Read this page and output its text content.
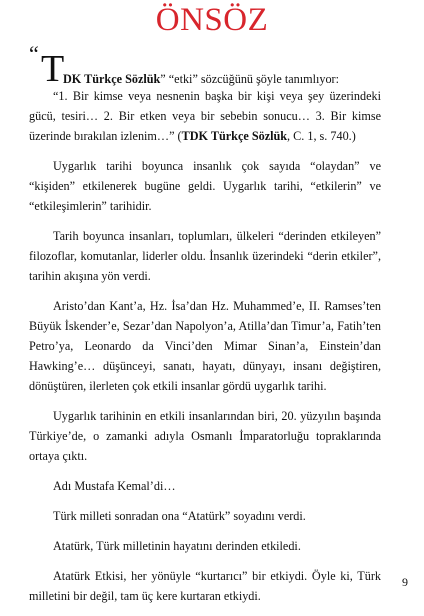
ÖNSÖZ
“ T
DK Türkçe Sözlük” “etki” sözcüğünü şöyle tanımlıyor:

“1. Bir kimse veya nesnenin başka bir kişi veya şey üzerindeki gücü, tesiri… 2. Bir etken veya bir sebebin sonucu… 3. Bir kimse üzerinde bırakılan izlenim…” (TDK Türkçe Sözlük, C. 1, s. 740.)

Uygarlık tarihi boyunca insanlık çok sayıda “olaydan” ve “kişiden” etkilenerek bugüne geldi. Uygarlık tarihi, “etkilerin” ve “etkileşimlerin” tarihidir.

Tarih boyunca insanları, toplumları, ülkeleri “derinden etkileyen” filozoflar, komutanlar, liderler oldu. İnsanlık üzerindeki “derin etkiler”, tarihin akışına yön verdi.

Aristo’dan Kant’a, Hz. İsa’dan Hz. Muhammed’e, II. Ramses’ten Büyük İskender’e, Sezar’dan Napolyon’a, Atilla’dan Timur’a, Fatih’ten Petro’ya, Leonardo da Vinci’den Mimar Sinan’a, Einstein’dan Hawking’e… düşünceyi, sanatı, hayatı, dünyayı, insanı değiştiren, dönüştüren, ilerleten çok etkili insanlar gördü uygarlık tarihi.

Uygarlık tarihinin en etkili insanlarından biri, 20. yüzyılın başında Türkiye’de, o zamanki adıyla Osmanlı İmparatorluğu topraklarında ortaya çıktı.

Adı Mustafa Kemal’di…

Türk milleti sonradan ona “Atatürk” soyadını verdi.

Atatürk, Türk milletinin hayatını derinden etkiledi.

Atatürk Etkisi, her yönüyle “kurtarıcı” bir etkiydi. Öyle ki, Türk milletini bir değil, tam üç kere kurtaran etkiydi.

9
